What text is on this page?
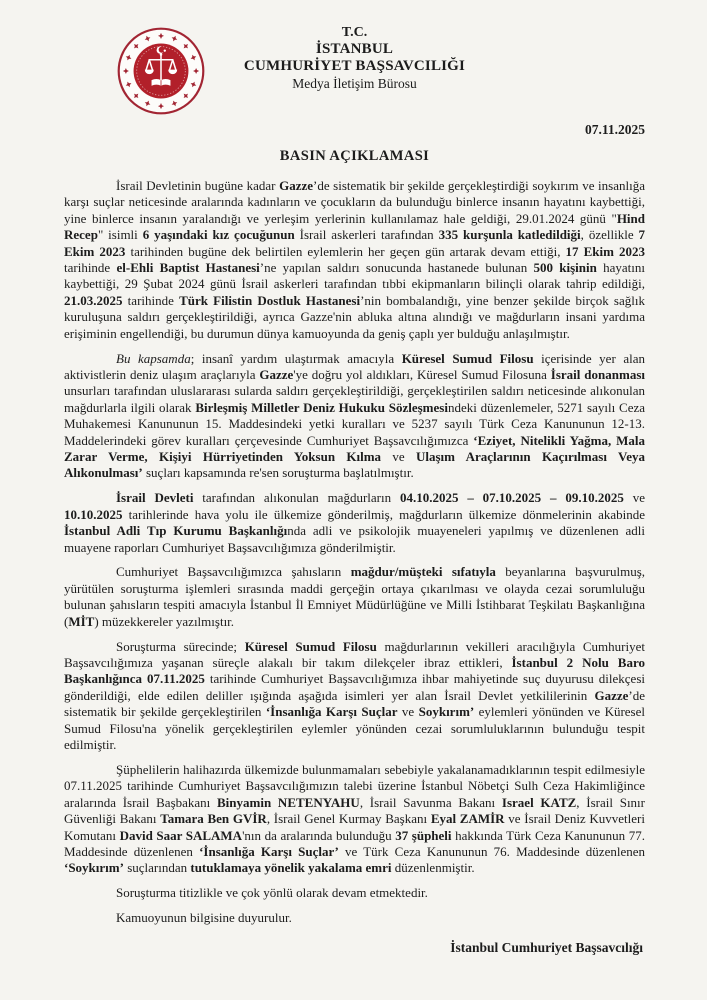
T.C.
İSTANBUL
CUMHURİYET BAŞSAVCILIĞI
Medya İletişim Bürosu
07.11.2025
BASIN AÇIKLAMASI

İsrail Devletinin bugüne kadar Gazze’de sistematik bir şekilde gerçekleştirdiği soykırım ve insanlığa karşı suçlar neticesinde aralarında kadınların ve çocukların da bulunduğu binlerce insanın hayatını kaybettiği, yine binlerce insanın yaralandığı ve yerleşim yerlerinin kullanılamaz hale geldiği, 29.01.2024 günü "Hind Recep" isimli 6 yaşındaki kız çocuğunun İsrail askerleri tarafından 335 kurşunla katledildiği, özellikle 7 Ekim 2023 tarihinden bugüne dek belirtilen eylemlerin her geçen gün artarak devam ettiği, 17 Ekim 2023 tarihinde el-Ehli Baptist Hastanesi’ne yapılan saldırı sonucunda hastanede bulunan 500 kişinin hayatını kaybettiği, 29 Şubat 2024 günü İsrail askerleri tarafından tıbbi ekipmanların bilinçli olarak tahrip edildiği, 21.03.2025 tarihinde Türk Filistin Dostluk Hastanesi’nin bombalandığı, yine benzer şekilde birçok sağlık kuruluşuna saldırı gerçekleştirildiği, ayrıca Gazze'nin abluka altına alındığı ve mağdurların insani yardıma erişiminin engellendiği, bu durumun dünya kamuoyunda da geniş çaplı yer bulduğu anlaşılmıştır.

Bu kapsamda; insanî yardım ulaştırmak amacıyla Küresel Sumud Filosu içerisinde yer alan aktivistlerin deniz ulaşım araçlarıyla Gazze'ye doğru yol aldıkları, Küresel Sumud Filosuna İsrail donanması unsurları tarafından uluslararası sularda saldırı gerçekleştirildiği, gerçekleştirilen saldırı neticesinde alıkonulan mağdurlarla ilgili olarak Birleşmiş Milletler Deniz Hukuku Sözleşmesindeki düzenlemeler, 5271 sayılı Ceza Muhakemesi Kanununun 15. Maddesindeki yetki kuralları ve 5237 sayılı Türk Ceza Kanununun 12-13. Maddelerindeki görev kuralları çerçevesinde Cumhuriyet Başsavcılığımızca ‘Eziyet, Nitelikli Yağma, Mala Zarar Verme, Kişiyi Hürriyetinden Yoksun Kılma ve Ulaşım Araçlarının Kaçırılması Veya Alıkonulması’ suçları kapsamında re'sen soruşturma başlatılmıştır.

İsrail Devleti tarafından alıkonulan mağdurların 04.10.2025 – 07.10.2025 – 09.10.2025 ve 10.10.2025 tarihlerinde hava yolu ile ülkemize gönderilmiş, mağdurların ülkemize dönmelerinin akabinde İstanbul Adli Tıp Kurumu Başkanlığında adli ve psikolojik muayeneleri yapılmış ve düzenlenen adli muayene raporları Cumhuriyet Başsavcılığımıza gönderilmiştir.

Cumhuriyet Başsavcılığımızca şahısların mağdur/müşteki sıfatıyla beyanlarına başvurulmuş, yürütülen soruşturma işlemleri sırasında maddi gerçeğin ortaya çıkarılması ve olayda cezai sorumluluğu bulunan şahısların tespiti amacıyla İstanbul İl Emniyet Müdürlüğüne ve Milli İstihbarat Teşkilatı Başkanlığına (MİT) müzekkereler yazılmıştır.

Soruşturma sürecinde; Küresel Sumud Filosu mağdurlarının vekilleri aracılığıyla Cumhuriyet Başsavcılığımıza yaşanan süreçle alakalı bir takım dilekçeler ibraz ettikleri, İstanbul 2 Nolu Baro Başkanlığınca 07.11.2025 tarihinde Cumhuriyet Başsavcılığımıza ihbar mahiyetinde suç duyurusu dilekçesi gönderildiği, elde edilen deliller ışığında aşağıda isimleri yer alan İsrail Devlet yetkililerinin Gazze’de sistematik bir şekilde gerçekleştirilen ‘İnsanlığa Karşı Suçlar ve Soykırım’ eylemleri yönünden ve Küresel Sumud Filosu'na yönelik gerçekleştirilen eylemler yönünden cezai sorumluluklarının bulunduğu tespit edilmiştir.

Şüphelilerin halihazırda ülkemizde bulunmamaları sebebiyle yakalanamadıklarının tespit edilmesiyle 07.11.2025 tarihinde Cumhuriyet Başsavcılığımızın talebi üzerine İstanbul Nöbetçi Sulh Ceza Hakimliğince aralarında İsrail Başbakanı Binyamin NETENYAHU, İsrail Savunma Bakanı Israel KATZ, İsrail Sınır Güvenliği Bakanı Tamara Ben GVİR, İsrail Genel Kurmay Başkanı Eyal ZAMİR ve İsrail Deniz Kuvvetleri Komutanı David Saar SALAMA'nın da aralarında bulunduğu 37 şüpheli hakkında Türk Ceza Kanununun 77. Maddesinde düzenlenen ‘İnsanlığa Karşı Suçlar’ ve Türk Ceza Kanununun 76. Maddesinde düzenlenen ‘Soykırım’ suçlarından tutuklamaya yönelik yakalama emri düzenlenmiştir.

Soruşturma titizlikle ve çok yönlü olarak devam etmektedir.

Kamuoyunun bilgisine duyurulur.

İstanbul Cumhuriyet Başsavcılığı
